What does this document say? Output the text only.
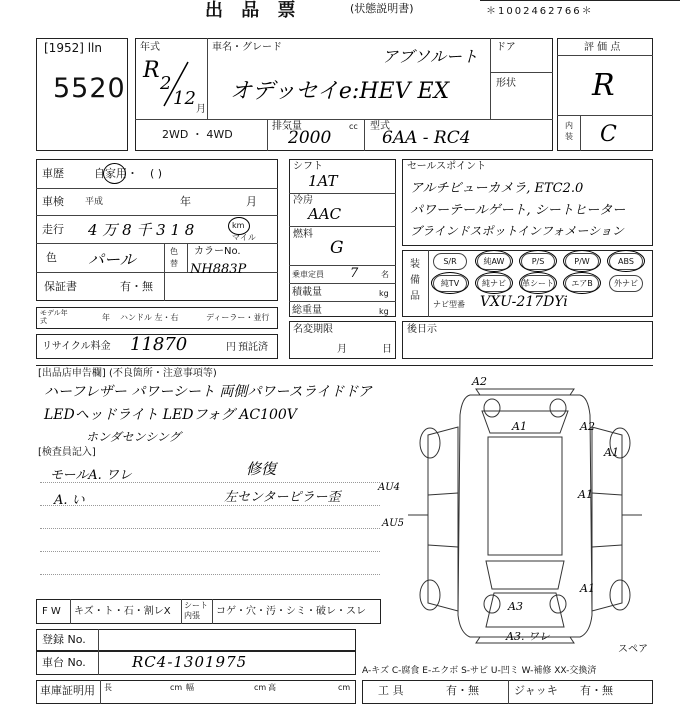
出 品 票	(状態説明書)	＊1002462766＊
[1952] lln
5520
年式
R
2
12
月
車名・グレード	アブソルート
オデッセイe:HEV EX
ドア
形状
2WD ・ 4WD
排気量	cc
2000
型式
6AA - RC4
評 価 点
R
内装 C
車歴	自家用・ ( )
車検 平成	年	月
走行 4 万 8 千 3 1 8	km
マイル
色 パール	色替
カラーNo.
NH883P
保証書	有・無
モデル年式	年 ハンドル 左・右	ディーラー・並行
リサイクル料金 11870	円 預託済
シフト
1AT
冷房
AAC
燃料
G
乗車定員 7	名
積載量	kg
総重量	kg
名変期限
月	日
セールスポイント
アルチビューカメラ, ETC2.0
パワーテールゲート, シートヒーター
ブラインドスポットインフォメーション
装備品
S/R	純AW	P/S	P/W	ABS
純TV	純ナビ	革シート	エアB	外ナビ
ナビ型番 VXU-217DYi
後日示
[出品店申告欄] (不良箇所・注意事項等)
ハーフレザー パワーシート 両側パワースライドドア
LEDヘッドライト LEDフォグ AC100V
ホンダセンシング
[検査員記入]
モールA. ワレ
A. い
修復
左センターピラー歪
A2
A1	A2
A1
AU4
A1
AU5
A1
A3
A3. ワレ
スペア
F W キズ・ト・石・割レX
シート内張	コゲ・穴・汚・シミ・破レ・スレ
登録 No.
車台 No.	RC4-1301975	A-キズ C-腐食 E-エクボ S-サビ U-凹ミ W-補修 XX-交換済
車庫証明用 長	cm 幅	cm 高	cm	工 具	有・無	ジャッキ 有・無
